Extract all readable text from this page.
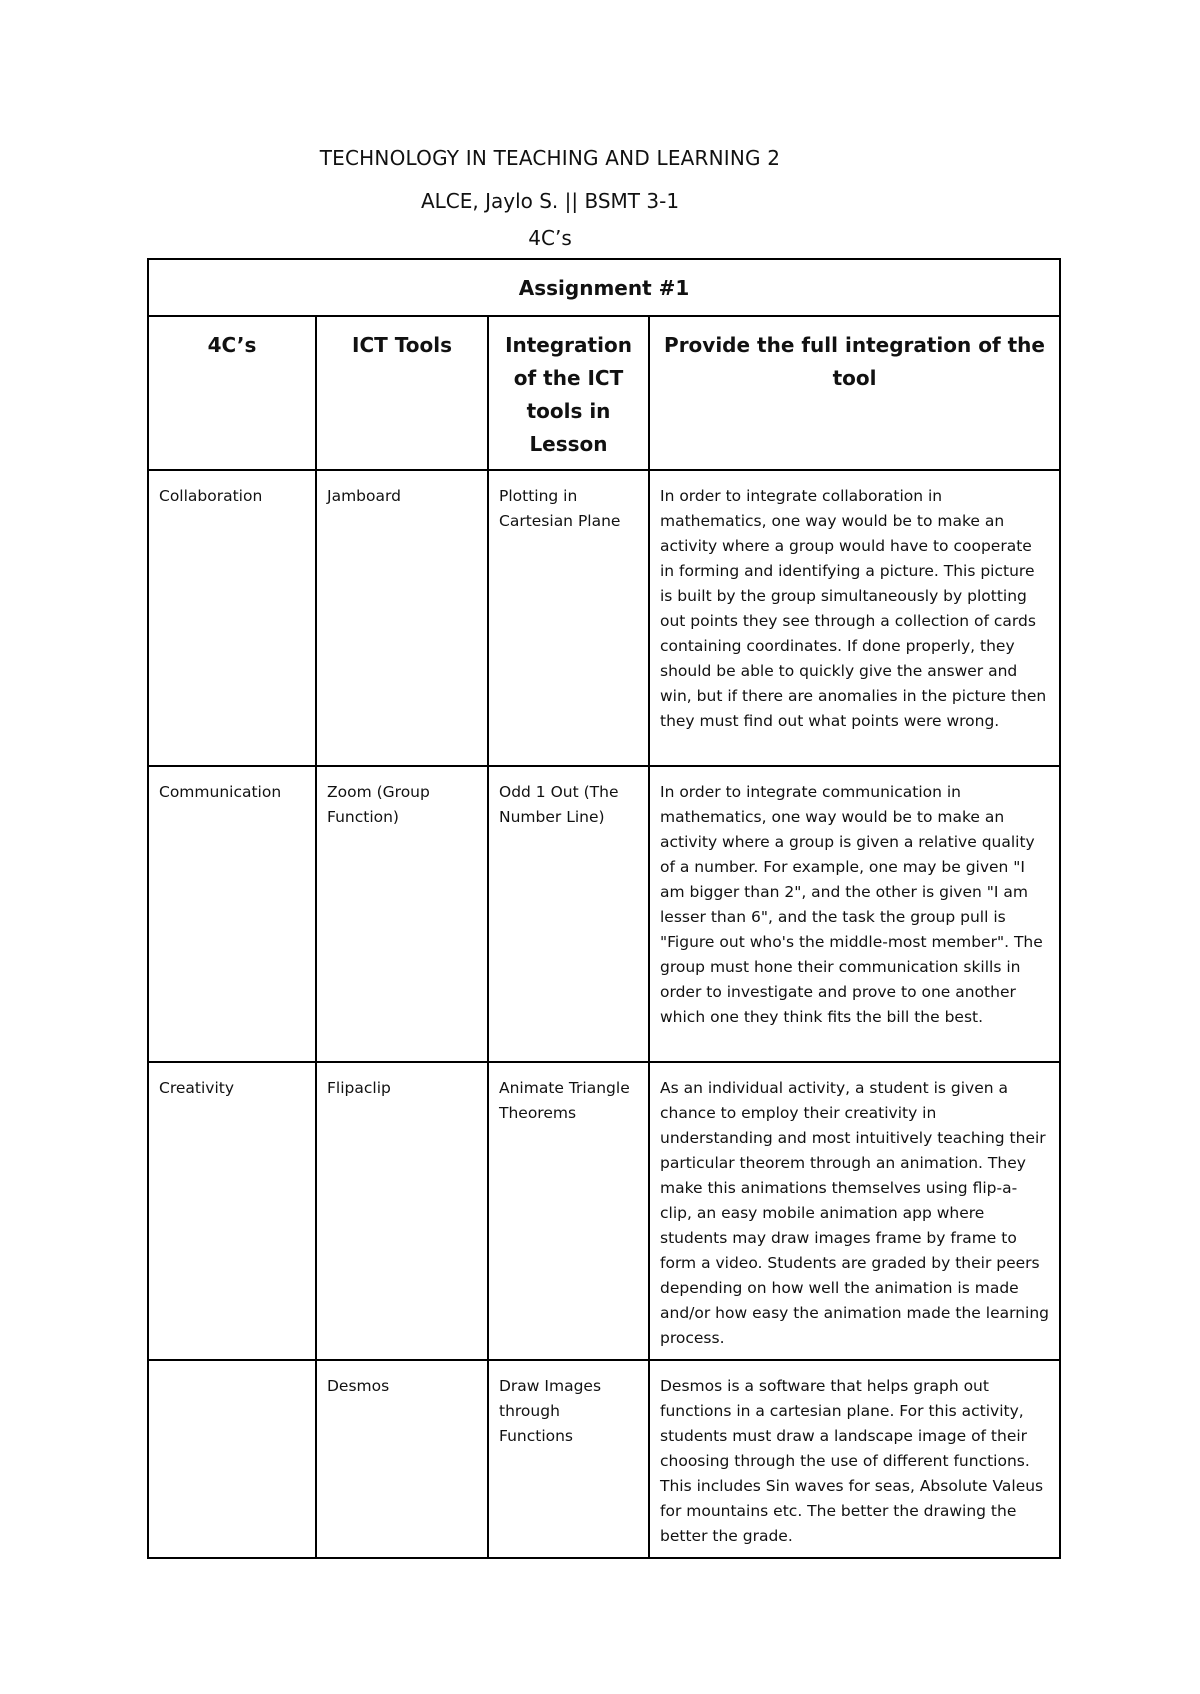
TECHNOLOGY IN TEACHING AND LEARNING 2
ALCE, Jaylo S. || BSMT 3-1
4C’s
Assignment #1			

4C’s	ICT Tools	Integration of the ICT tools in Lesson	Provide the full integration of the tool

Collaboration	Jamboard	Plotting in Cartesian Plane	In order to integrate collaboration in mathematics, one way would be to make an activity where a group would have to cooperate in forming and identifying a picture. This picture is built by the group simultaneously by plotting out points they see through a collection of cards containing coordinates. If done properly, they should be able to quickly give the answer and win, but if there are anomalies in the picture then they must find out what points were wrong.

Communication	Zoom (Group Function)	Odd 1 Out (The Number Line)	In order to integrate communication in mathematics, one way would be to make an activity where a group is given a relative quality of a number. For example, one may be given "I am bigger than 2", and the other is given "I am lesser than 6", and the task the group pull is "Figure out who's the middle-most member". The group must hone their communication skills in order to investigate and prove to one another which one they think fits the bill the best.

Creativity	Flipaclip	Animate Triangle Theorems	As an individual activity, a student is given a chance to employ their creativity in understanding and most intuitively teaching their particular theorem through an animation. They make this animations themselves using flip-a-clip, an easy mobile animation app where students may draw images frame by frame to form a video. Students are graded by their peers depending on how well the animation is made and/or how easy the animation made the learning process.

	Desmos	Draw Images through Functions	Desmos is a software that helps graph out functions in a cartesian plane. For this activity, students must draw a landscape image of their choosing through the use of different functions. This includes Sin waves for seas, Absolute Valeus for mountains etc. The better the drawing the better the grade.
